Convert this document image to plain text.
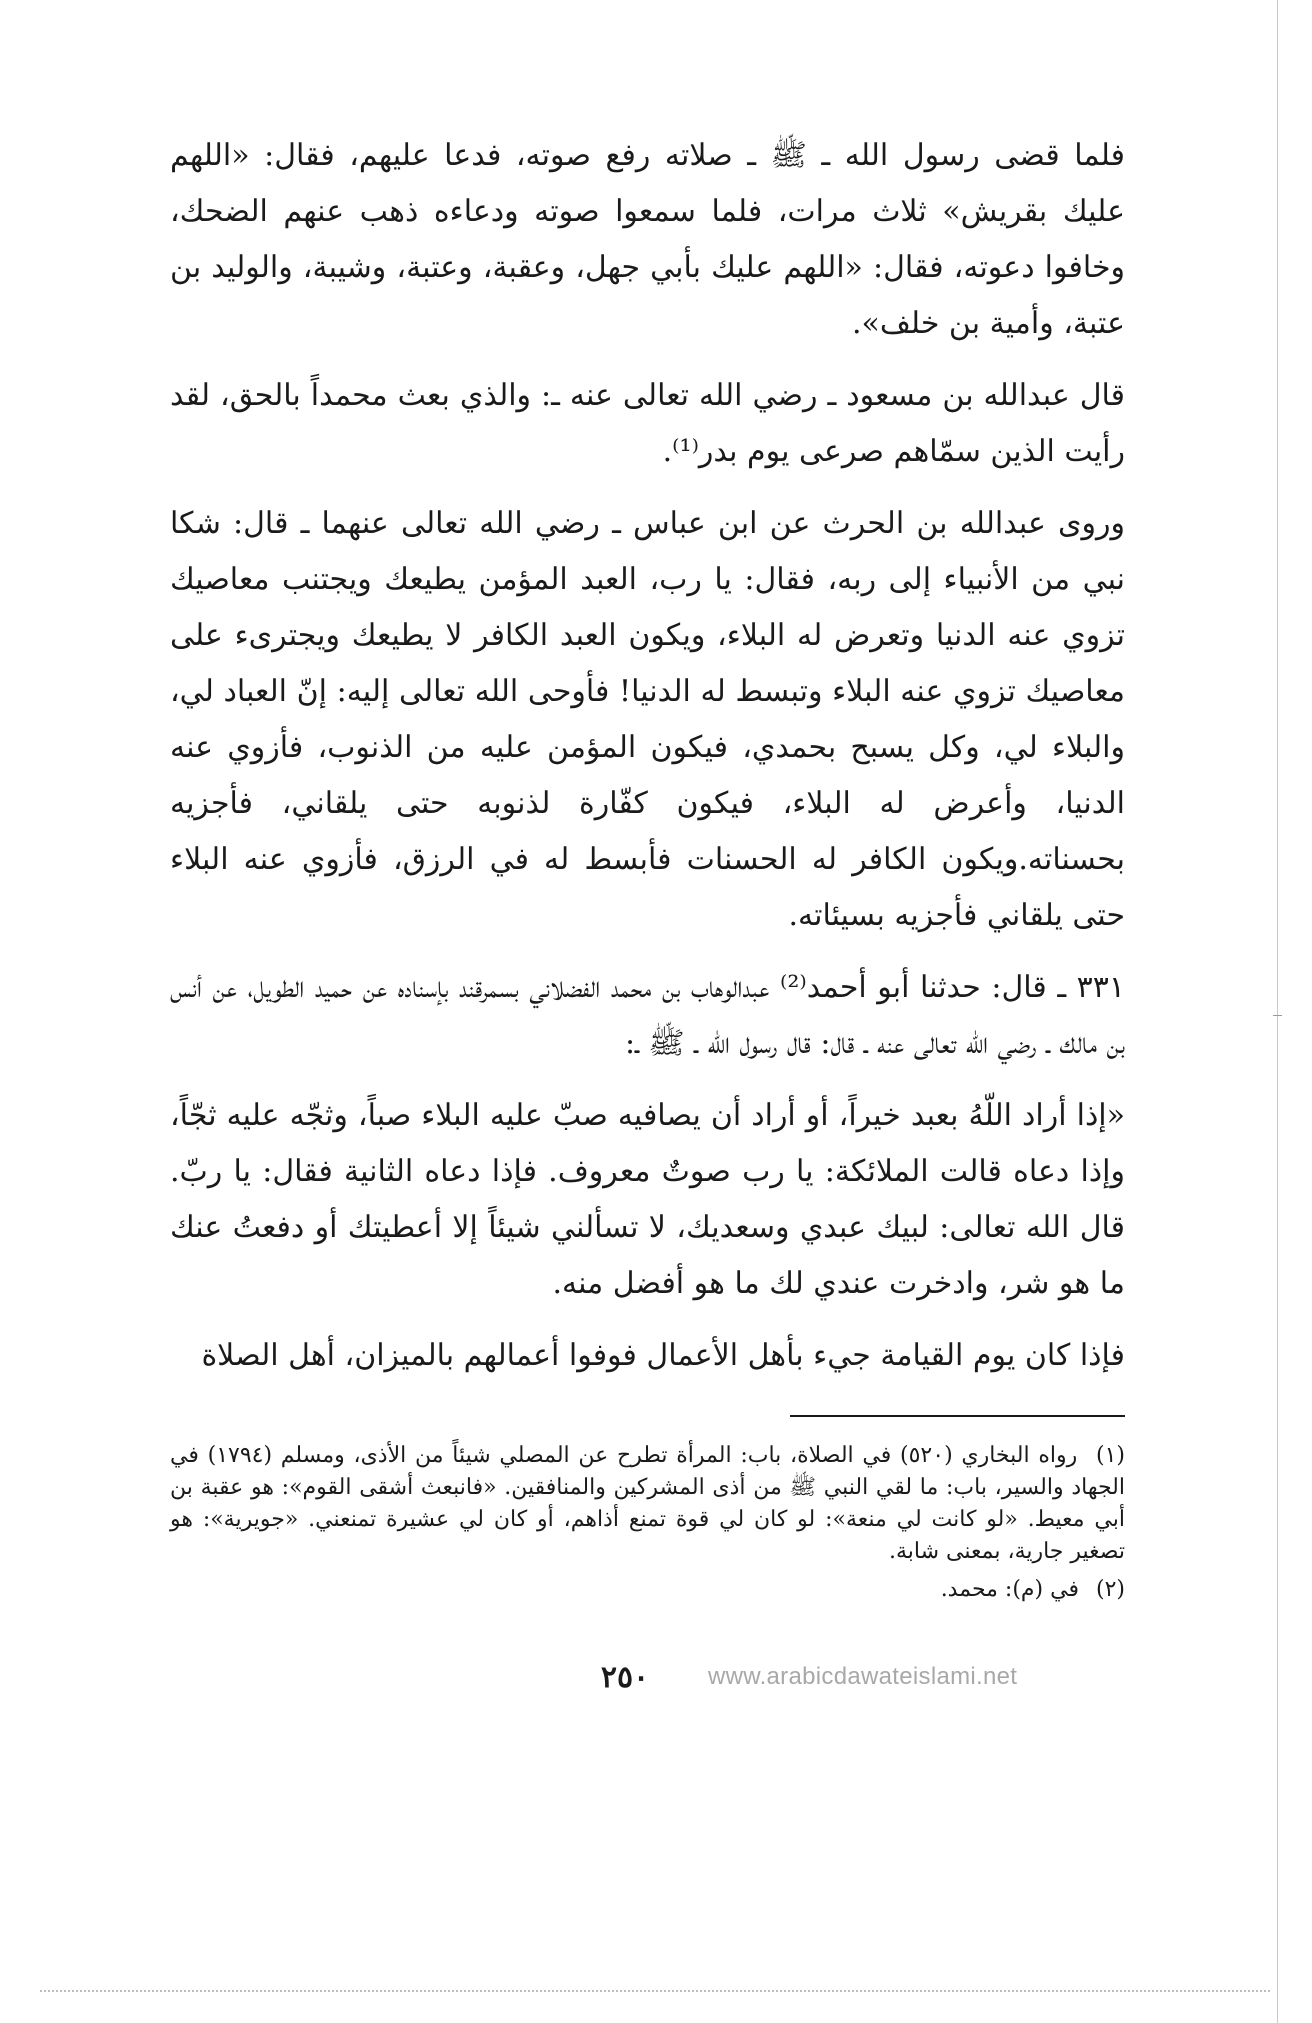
فلما قضى رسول الله ـ ﷺ ـ صلاته رفع صوته، فدعا عليهم، فقال: «اللهم عليك بقريش» ثلاث مرات، فلما سمعوا صوته ودعاءه ذهب عنهم الضحك، وخافوا دعوته، فقال: «اللهم عليك بأبي جهل، وعقبة، وعتبة، وشيبة، والوليد بن عتبة، وأمية بن خلف».

قال عبدالله بن مسعود ـ رضي الله تعالى عنه ـ: والذي بعث محمداً بالحق، لقد رأيت الذين سمّاهم صرعى يوم بدر⁽¹⁾.

وروى عبدالله بن الحرث عن ابن عباس ـ رضي الله تعالى عنهما ـ قال: شكا نبي من الأنبياء إلى ربه، فقال: يا رب، العبد المؤمن يطيعك ويجتنب معاصيك تزوي عنه الدنيا وتعرض له البلاء، ويكون العبد الكافر لا يطيعك ويجترىء على معاصيك تزوي عنه البلاء وتبسط له الدنيا! فأوحى الله تعالى إليه: إنّ العباد لي، والبلاء لي، وكل يسبح بحمدي، فيكون المؤمن عليه من الذنوب، فأزوي عنه الدنيا، وأعرض له البلاء، فيكون كفّارة لذنوبه حتى يلقاني، فأجزيه بحسناته.ويكون الكافر له الحسنات فأبسط له في الرزق، فأزوي عنه البلاء حتى يلقاني فأجزيه بسيئاته.

٣٣١ ـ قال: حدثنا أبو أحمد⁽²⁾ عبدالوهاب بن محمد الفضلاني بسمرقند بإسناده عن حميد الطويل، عن أنس بن مالك ـ رضي الله تعالى عنه ـ قال: قال رسول الله ـ ﷺ ـ:

«إذا أراد اللّهُ بعبد خيراً، أو أراد أن يصافيه صبّ عليه البلاء صباً، وثجّه عليه ثجّاً، وإذا دعاه قالت الملائكة: يا رب صوتٌ معروف. فإذا دعاه الثانية فقال: يا ربّ. قال الله تعالى: لبيك عبدي وسعديك، لا تسألني شيئاً إلا أعطيتك أو دفعتُ عنك ما هو شر، وادخرت عندي لك ما هو أفضل منه.

فإذا كان يوم القيامة جيء بأهل الأعمال فوفوا أعمالهم بالميزان، أهل الصلاة

(١) رواه البخاري (٥٢٠) في الصلاة، باب: المرأة تطرح عن المصلي شيئاً من الأذى، ومسلم (١٧٩٤) في الجهاد والسير، باب: ما لقي النبي ﷺ من أذى المشركين والمنافقين. «فانبعث أشقى القوم»: هو عقبة بن أبي معيط. «لو كانت لي منعة»: لو كان لي قوة تمنع أذاهم، أو كان لي عشيرة تمنعني. «جويرية»: هو تصغير جارية، بمعنى شابة.

(٢) في (م): محمد.

٢٥٠	www.arabicdawateislami.net
